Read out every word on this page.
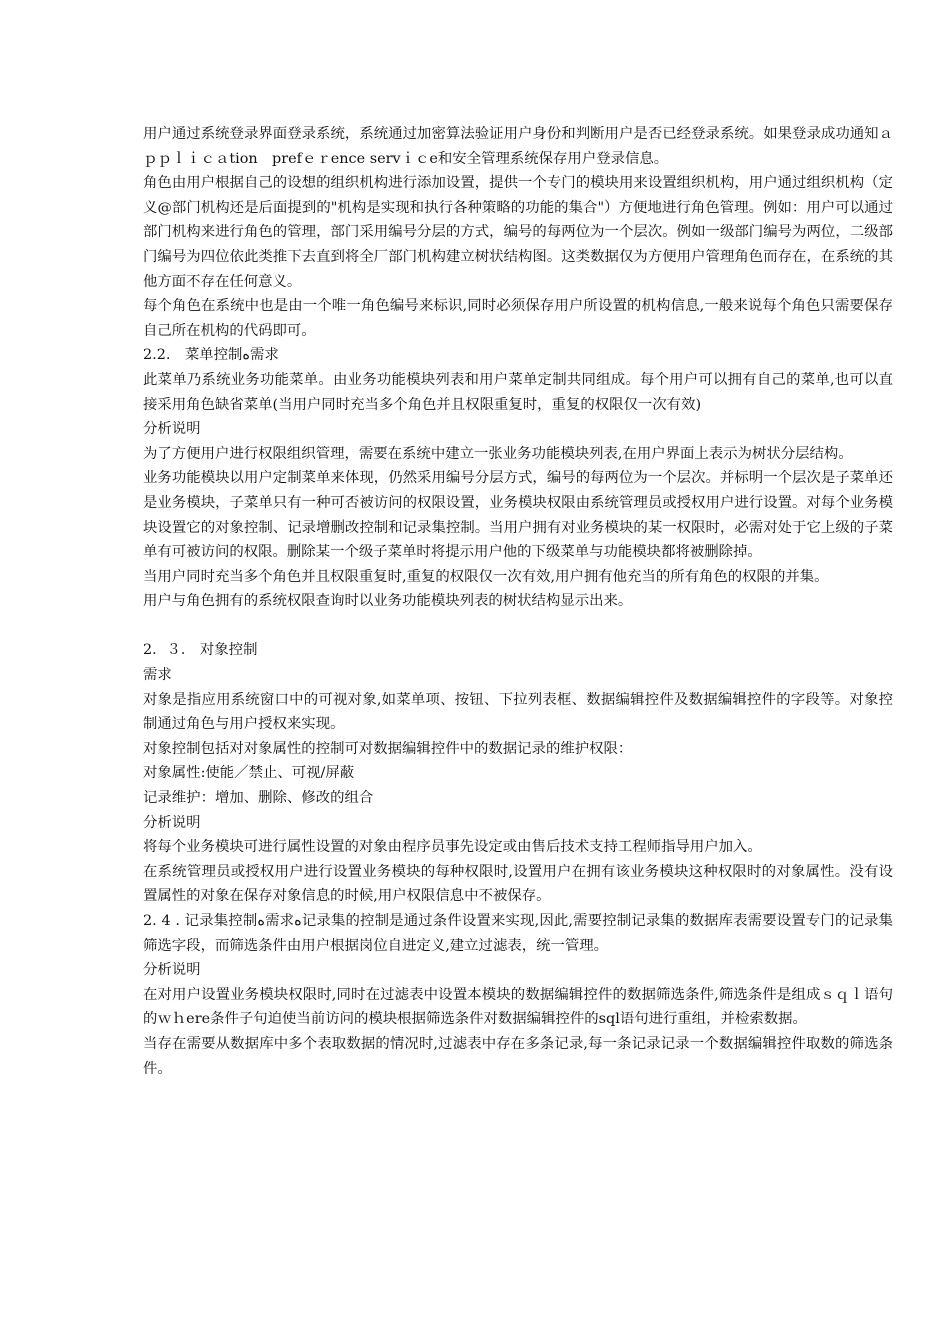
用户通过系统登录界面登录系统，系统通过加密算法验证用户身份和判断用户是否已经登录系统。如果登录成功通知ａｐｐｌｉｃａtion　prefｅｒence servｉｃe和安全管理系统保存用户登录信息。

角色由用户根据自己的设想的组织机构进行添加设置，提供一个专门的模块用来设置组织机构，用户通过组织机构（定义@部门机构还是后面提到的"机构是实现和执行各种策略的功能的集合"）方便地进行角色管理。例如：用户可以通过部门机构来进行角色的管理，部门采用编号分层的方式，编号的每两位为一个层次。例如一级部门编号为两位，二级部门编号为四位依此类推下去直到将全厂部门机构建立树状结构图。这类数据仅为方便用户管理角色而存在，在系统的其他方面不存在任何意义。

每个角色在系统中也是由一个唯一角色编号来标识,同时必须保存用户所设置的机构信息,一般来说每个角色只需要保存自己所在机构的代码即可。

2.2.　菜单控制ﻩ需求

此菜单乃系统业务功能菜单。由业务功能模块列表和用户菜单定制共同组成。每个用户可以拥有自己的菜单,也可以直接采用角色缺省菜单(当用户同时充当多个角色并且权限重复时，重复的权限仅一次有效)

分析说明

为了方便用户进行权限组织管理，需要在系统中建立一张业务功能模块列表,在用户界面上表示为树状分层结构。

业务功能模块以用户定制菜单来体现，仍然采用编号分层方式，编号的每两位为一个层次。并标明一个层次是子菜单还是业务模块，子菜单只有一种可否被访问的权限设置，业务模块权限由系统管理员或授权用户进行设置。对每个业务模块设置它的对象控制、记录增删改控制和记录集控制。当用户拥有对业务模块的某一权限时，必需对处于它上级的子菜单有可被访问的权限。删除某一个级子菜单时将提示用户他的下级菜单与功能模块都将被删除掉。

当用户同时充当多个角色并且权限重复时,重复的权限仅一次有效,用户拥有他充当的所有角色的权限的并集。

用户与角色拥有的系统权限查询时以业务功能模块列表的树状结构显示出来。

2．３． 对象控制

需求

对象是指应用系统窗口中的可视对象,如菜单项、按钮、下拉列表框、数据编辑控件及数据编辑控件的字段等。对象控制通过角色与用户授权来实现。

对象控制包括对对象属性的控制可对数据编辑控件中的数据记录的维护权限：

对象属性:使能／禁止、可视/屏蔽

记录维护：增加、删除、修改的组合

分析说明

将每个业务模块可进行属性设置的对象由程序员事先设定或由售后技术支持工程师指导用户加入。

在系统管理员或授权用户进行设置业务模块的每种权限时,设置用户在拥有该业务模块这种权限时的对象属性。没有设置属性的对象在保存对象信息的时候,用户权限信息中不被保存。

2. 4 . 记录集控制ﻩ需求ﻩ记录集的控制是通过条件设置来实现,因此,需要控制记录集的数据库表需要设置专门的记录集筛选字段，而筛选条件由用户根据岗位自进定义,建立过滤表，统一管理。

分析说明

在对用户设置业务模块权限时,同时在过滤表中设置本模块的数据编辑控件的数据筛选条件,筛选条件是组成ｓｑｌ语句的ｗｈere条件子句迫使当前访问的模块根据筛选条件对数据编辑控件的sql语句进行重组，并检索数据。

当存在需要从数据库中多个表取数据的情况时,过滤表中存在多条记录,每一条记录记录一个数据编辑控件取数的筛选条件。
